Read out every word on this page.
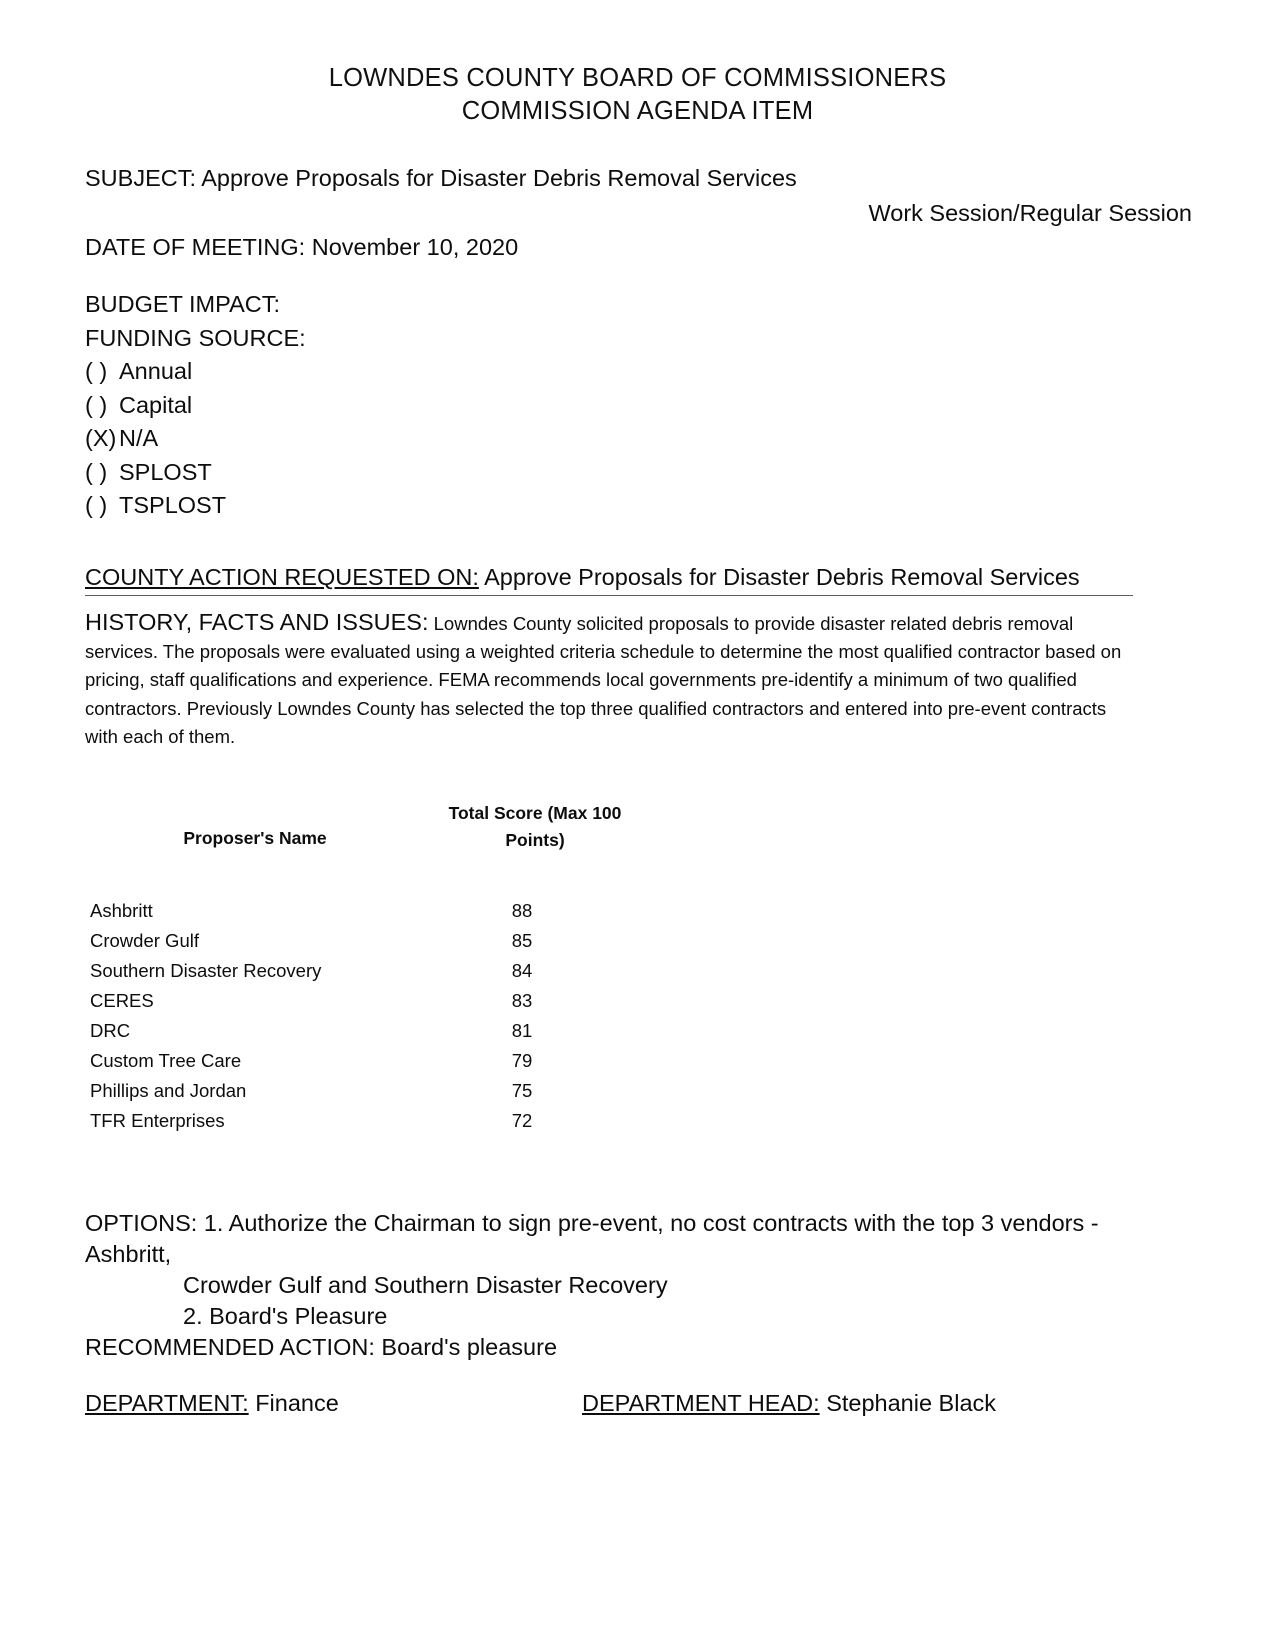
LOWNDES COUNTY BOARD OF COMMISSIONERS
COMMISSION AGENDA ITEM
SUBJECT: Approve Proposals for Disaster Debris Removal Services
Work Session/Regular Session
DATE OF MEETING: November 10, 2020
BUDGET IMPACT:
FUNDING SOURCE:
( ) Annual
( ) Capital
(X) N/A
( ) SPLOST
( ) TSPLOST
COUNTY ACTION REQUESTED ON: Approve Proposals for Disaster Debris Removal Services
HISTORY, FACTS AND ISSUES: Lowndes County solicited proposals to provide disaster related debris removal services. The proposals were evaluated using a weighted criteria schedule to determine the most qualified contractor based on pricing, staff qualifications and experience. FEMA recommends local governments pre-identify a minimum of two qualified contractors. Previously Lowndes County has selected the top three qualified contractors and entered into pre-event contracts with each of them.
Proposer's Name	Total Score (Max 100
Points)

Ashbritt	88
Crowder Gulf	85
Southern Disaster Recovery	84
CERES	83
DRC	81
Custom Tree Care	79
Phillips and Jordan	75
TFR Enterprises	72
OPTIONS: 1. Authorize the Chairman to sign pre-event, no cost contracts with the top 3 vendors - Ashbritt,
Crowder Gulf and Southern Disaster Recovery
2. Board's Pleasure
RECOMMENDED ACTION: Board's pleasure
DEPARTMENT: Finance	DEPARTMENT HEAD: Stephanie Black
